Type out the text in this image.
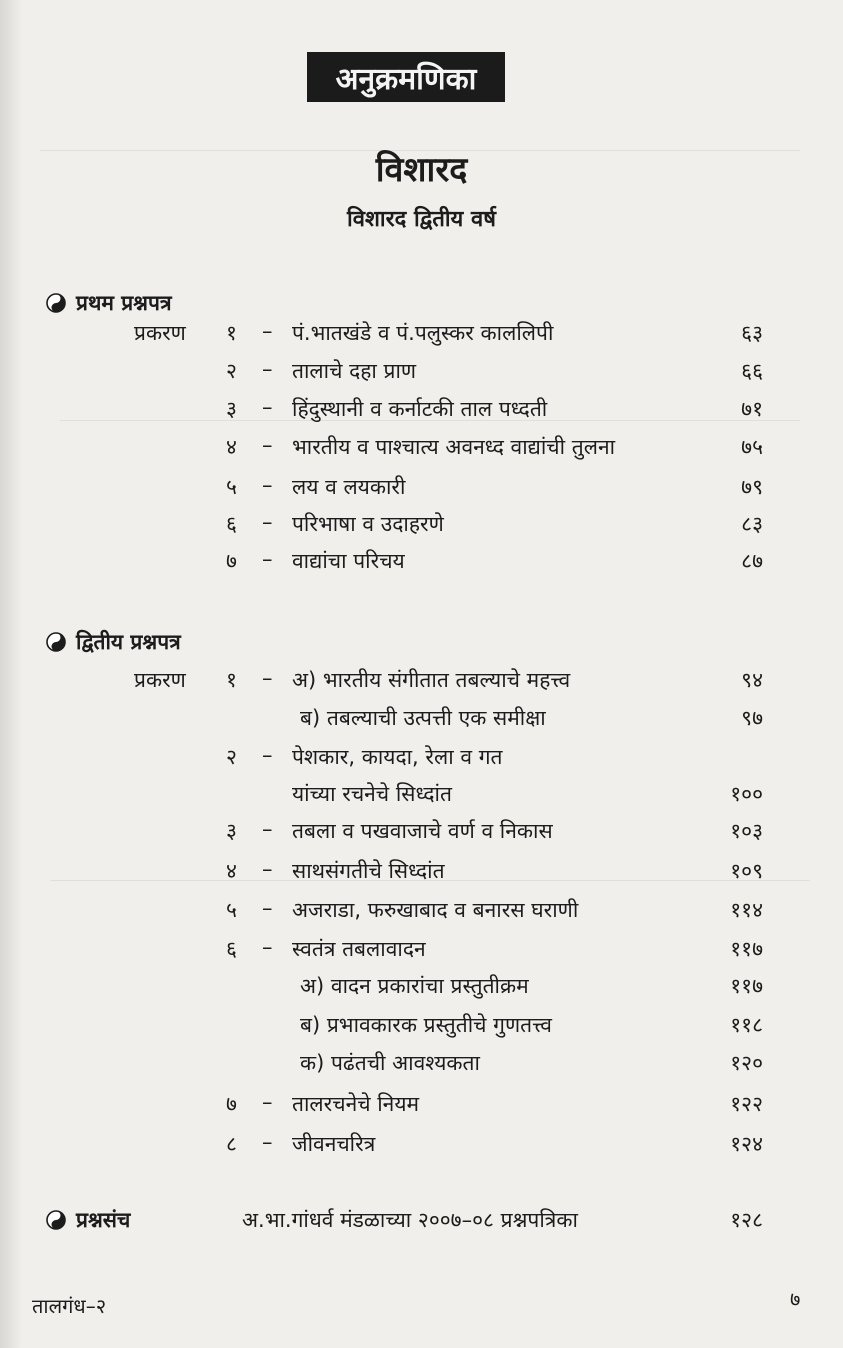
अनुक्रमणिका
विशारद
विशारद द्वितीय वर्ष
प्रथम प्रश्नपत्र
प्रकरण १ – पं.भातखंडे व पं.पलुस्कर काललिपी	६३
२ – तालाचे दहा प्राण	६६
३ – हिंदुस्थानी व कर्नाटकी ताल पध्दती	७१
४ – भारतीय व पाश्चात्य अवनध्द वाद्यांची तुलना	७५
५ – लय व लयकारी	७९
६ – परिभाषा व उदाहरणे	८३
७ – वाद्यांचा परिचय	८७
द्वितीय प्रश्नपत्र
प्रकरण १ – अ) भारतीय संगीतात तबल्याचे महत्त्व	९४
ब) तबल्याची उत्पत्ती एक समीक्षा	९७
२ – पेशकार, कायदा, रेला व गत
यांच्या रचनेचे सिध्दांत	१००
३ – तबला व पखवाजाचे वर्ण व निकास	१०३
४ – साथसंगतीचे सिध्दांत	१०९
५ – अजराडा, फरुखाबाद व बनारस घराणी	११४
६ – स्वतंत्र तबलावादन	११७
अ) वादन प्रकारांचा प्रस्तुतीक्रम	११७
ब) प्रभावकारक प्रस्तुतीचे गुणतत्त्व	११८
क) पढंतची आवश्यकता	१२०
७ – तालरचनेचे नियम	१२२
८ – जीवनचरित्र	१२४
प्रश्नसंच	अ.भा.गांधर्व मंडळाच्या २००७–०८ प्रश्नपत्रिका	१२८
तालगंध–२	७
